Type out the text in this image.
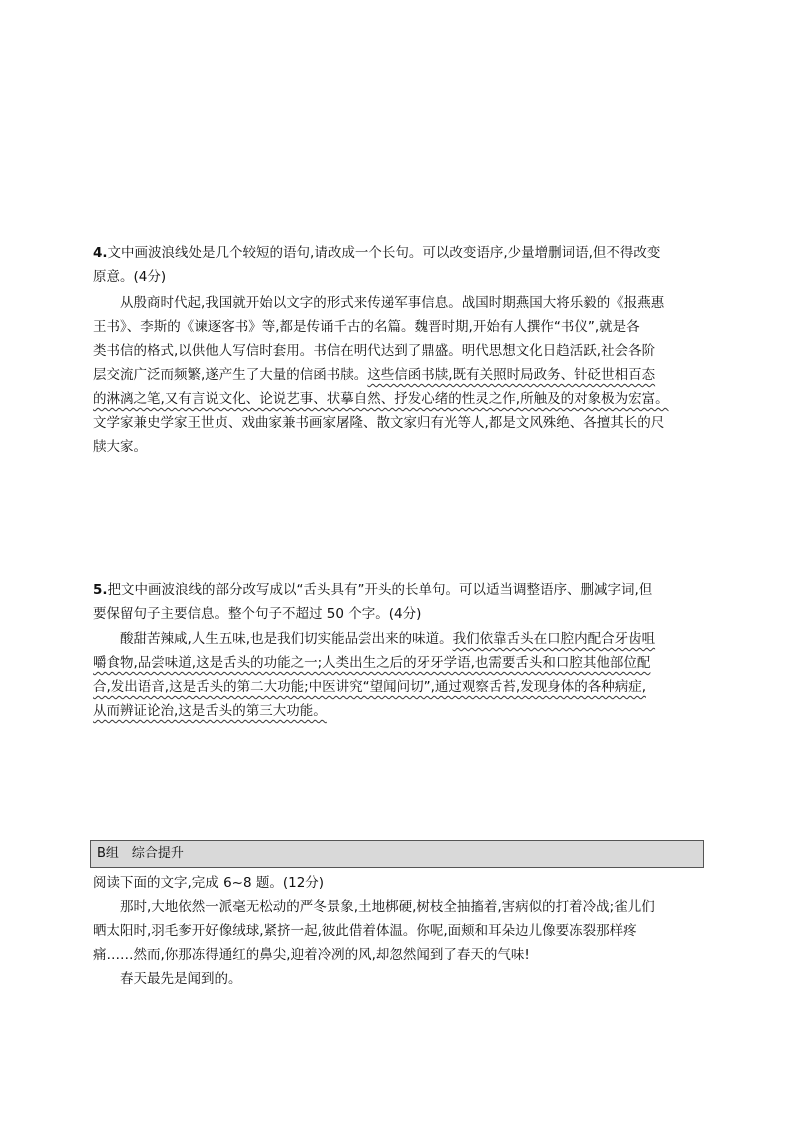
4.文中画波浪线处是几个较短的语句,请改成一个长句。可以改变语序,少量增删词语,但不得改变
原意。(4分)
从殷商时代起,我国就开始以文字的形式来传递军事信息。战国时期燕国大将乐毅的《报燕惠
王书》、李斯的《谏逐客书》等,都是传诵千古的名篇。魏晋时期,开始有人撰作“书仪”,就是各
类书信的格式,以供他人写信时套用。书信在明代达到了鼎盛。明代思想文化日趋活跃,社会各阶
层交流广泛而频繁,遂产生了大量的信函书牍。这些信函书牍,既有关照时局政务、针砭世相百态
的淋漓之笔,又有言说文化、论说艺事、状摹自然、抒发心绪的性灵之作,所触及的对象极为宏富。
文学家兼史学家王世贞、戏曲家兼书画家屠隆、散文家归有光等人,都是文风殊绝、各擅其长的尺
牍大家。
5.把文中画波浪线的部分改写成以“舌头具有”开头的长单句。可以适当调整语序、删减字词,但
要保留句子主要信息。整个句子不超过 50 个字。(4分)
酸甜苦辣咸,人生五味,也是我们切实能品尝出来的味道。我们依靠舌头在口腔内配合牙齿咀
嚼食物,品尝味道,这是舌头的功能之一;人类出生之后的牙牙学语,也需要舌头和口腔其他部位配
合,发出语音,这是舌头的第二大功能;中医讲究“望闻问切”,通过观察舌苔,发现身体的各种病症,
从而辨证论治,这是舌头的第三大功能。
B组　综合提升
阅读下面的文字,完成 6~8 题。(12分)
那时,大地依然一派毫无松动的严冬景象,土地梆硬,树枝全抽搐着,害病似的打着冷战;雀儿们
晒太阳时,羽毛奓开好像绒球,紧挤一起,彼此借着体温。你呢,面颊和耳朵边儿像要冻裂那样疼
痛……然而,你那冻得通红的鼻尖,迎着冷冽的风,却忽然闻到了春天的气味!
春天最先是闻到的。
